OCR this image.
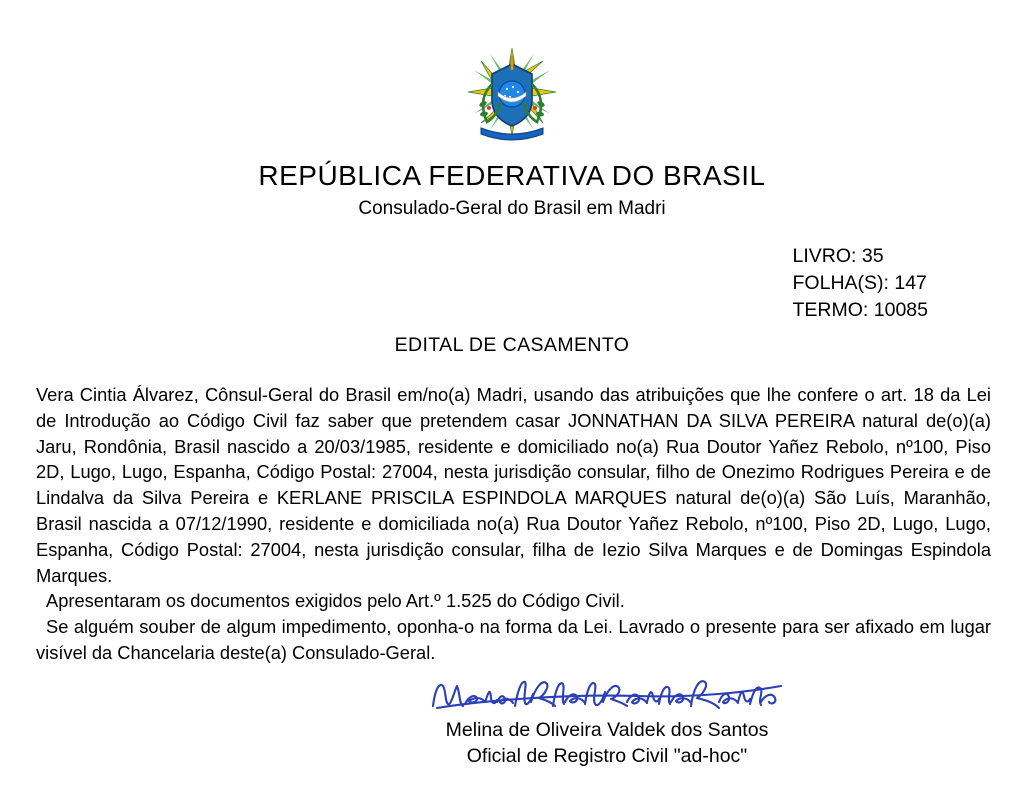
REPÚBLICA FEDERATIVA DO BRASIL
Consulado-Geral do Brasil em Madri
LIVRO: 35
FOLHA(S): 147
TERMO: 10085
EDITAL DE CASAMENTO

Vera Cintia Álvarez, Cônsul-Geral do Brasil em/no(a) Madri, usando das atribuições que lhe confere o art. 18 da Lei de Introdução ao Código Civil faz saber que pretendem casar JONNATHAN DA SILVA PEREIRA natural de(o)(a) Jaru, Rondônia, Brasil nascido a 20/03/1985, residente e domiciliado no(a) Rua Doutor Yañez Rebolo, nº100, Piso 2D, Lugo, Lugo, Espanha, Código Postal: 27004, nesta jurisdição consular, filho de Onezimo Rodrigues Pereira e de Lindalva da Silva Pereira e KERLANE PRISCILA ESPINDOLA MARQUES natural de(o)(a) São Luís, Maranhão, Brasil nascida a 07/12/1990, residente e domiciliada no(a) Rua Doutor Yañez Rebolo, nº100, Piso 2D, Lugo, Lugo, Espanha, Código Postal: 27004, nesta jurisdição consular, filha de Iezio Silva Marques e de Domingas Espindola Marques.

Apresentaram os documentos exigidos pelo Art.º 1.525 do Código Civil.

Se alguém souber de algum impedimento, oponha-o na forma da Lei. Lavrado o presente para ser afixado em lugar visível da Chancelaria deste(a) Consulado-Geral.

Melina de Oliveira Valdek dos Santos
Oficial de Registro Civil "ad-hoc"
